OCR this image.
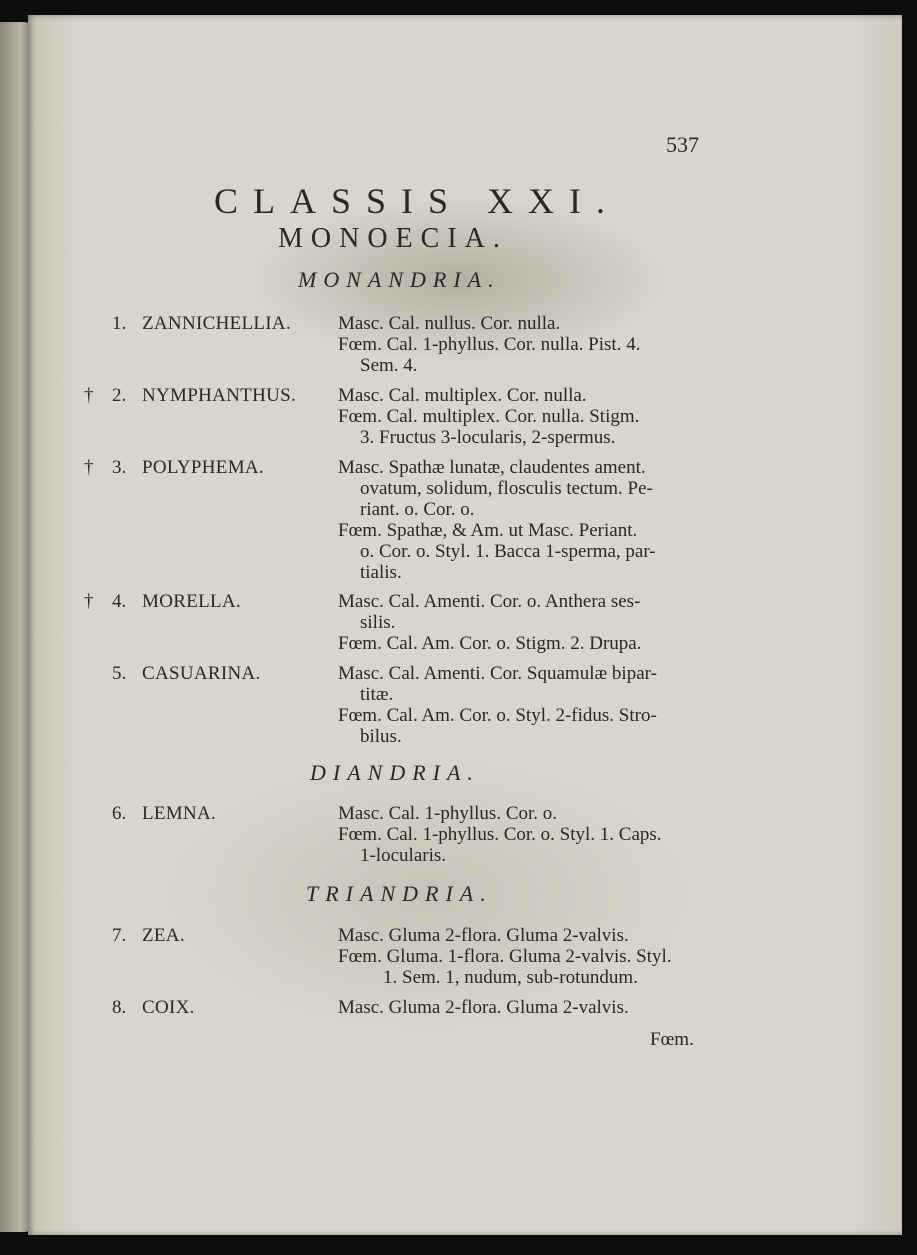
537
CLASSIS XXI.
MONOECIA.
MONANDRIA.
1. ZANNICHELLIA. Masc. Cal. nullus. Cor. nulla.
Fœm. Cal. 1-phyllus. Cor. nulla. Pist. 4.
Sem. 4.
† 2. NYMPHANTHUS. Masc. Cal. multiplex. Cor. nulla.
Fœm. Cal. multiplex. Cor. nulla. Stigm.
3. Fructus 3-locularis, 2-spermus.
† 3. POLYPHEMA.	Masc. Spathæ lunatæ, claudentes ament.
ovatum, solidum, flosculis tectum. Pe-
riant. o. Cor. o.
Fœm. Spathæ, & Am. ut Masc. Periant.
o. Cor. o. Styl. 1. Bacca 1-sperma, par-
tialis.
† 4. MORELLA.	Masc. Cal. Amenti. Cor. o. Anthera ses-
silis.
Fœm. Cal. Am. Cor. o. Stigm. 2. Drupa.
5. CASUARINA.	Masc. Cal. Amenti. Cor. Squamulæ bipar-
titæ.
Fœm. Cal. Am. Cor. o. Styl. 2-fidus. Stro-
bilus.
DIANDRIA.
6. LEMNA.	Masc. Cal. 1-phyllus. Cor. o.
Fœm. Cal. 1-phyllus. Cor. o. Styl. 1. Caps.
1-locularis.
TRIANDRIA.
7. ZEA.	Masc. Gluma 2-flora. Gluma 2-valvis.
Fœm. Gluma. 1-flora. Gluma 2-valvis. Styl.
1. Sem. 1, nudum, sub-rotundum.
8. COIX.	Masc. Gluma 2-flora. Gluma 2-valvis.
Fœm.
